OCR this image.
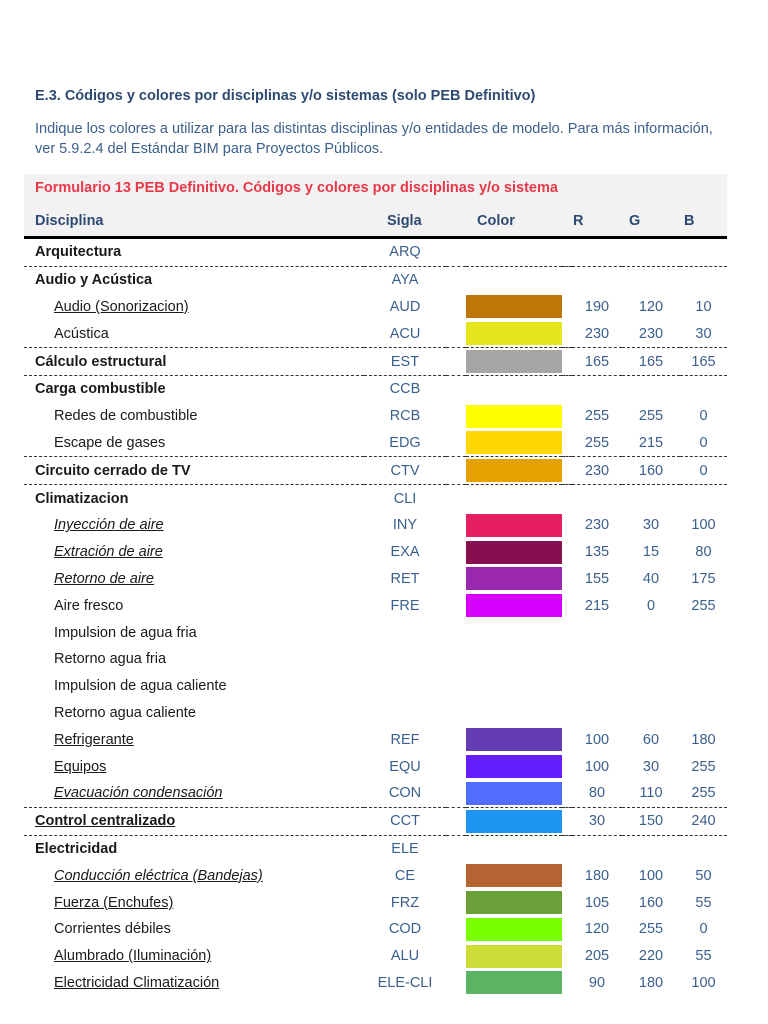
E.3. Códigos y colores por disciplinas y/o sistemas (solo PEB Definitivo)

Indique los colores a utilizar para las distintas disciplinas y/o entidades de modelo. Para más información, ver 5.9.2.4 del Estándar BIM para Proyectos Públicos.

Formulario 13 PEB Definitivo. Códigos y colores por disciplinas y/o sistema
Disciplina	Sigla	Color	R	G	B
Arquitectura	ARQ						
Audio y Acústica	AYA						
Audio (Sonorizacion)	AUD				190	120	10
Acústica	ACU				230	230	30
Cálculo estructural	EST				165	165	165
Carga combustible	CCB						
Redes de combustible	RCB				255	255	0
Escape de gases	EDG				255	215	0
Circuito cerrado de TV	CTV				230	160	0
Climatizacion	CLI						
Inyección de aire	INY				230	30	100
Extración de aire	EXA				135	15	80
Retorno de aire	RET				155	40	175
Aire fresco	FRE				215	0	255
Impulsion de agua fria							
Retorno agua fria							
Impulsion de agua caliente							
Retorno agua caliente							
Refrigerante	REF				100	60	180
Equipos	EQU				100	30	255
Evacuación condensación	CON				80	110	255
Control centralizado	CCT				30	150	240
Electricidad	ELE						
Conducción eléctrica (Bandejas)	CE				180	100	50
Fuerza (Enchufes)	FRZ				105	160	55
Corrientes débiles	COD				120	255	0
Alumbrado (Iluminación)	ALU				205	220	55
Electricidad Climatización	ELE-CLI				90	180	100
